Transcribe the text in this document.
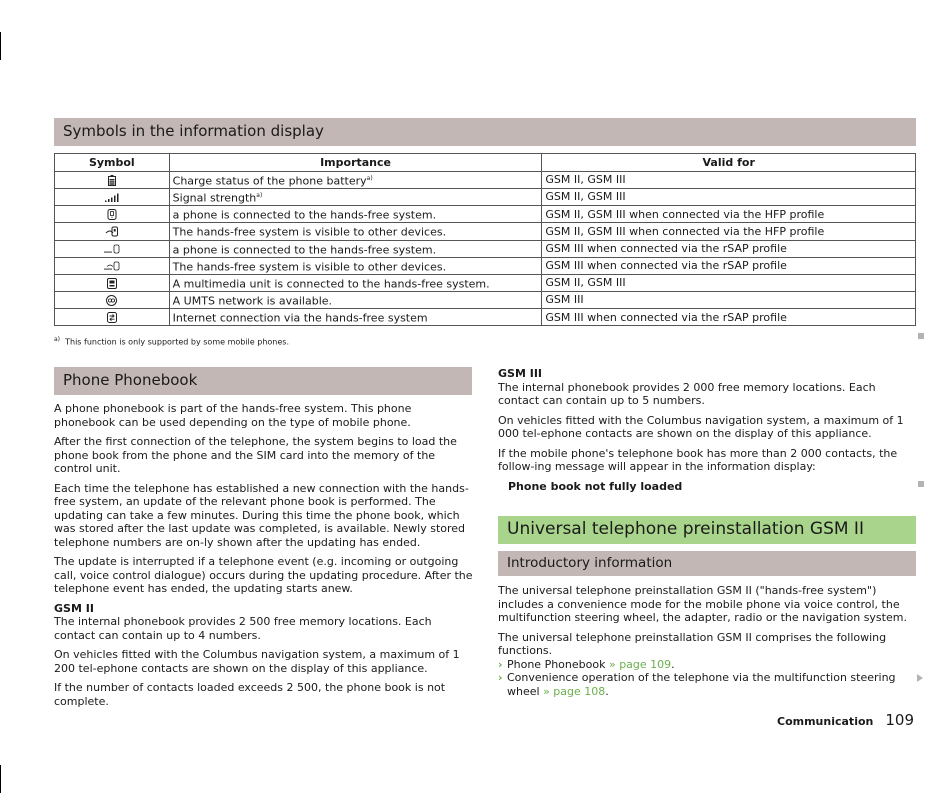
Symbols in the information display
Symbol	Importance	Valid for
	Charge status of the phone battery$^{a)}$	GSM II, GSM III
	Signal strength$^{a)}$	GSM II, GSM III
	a phone is connected to the hands-free system.	GSM II, GSM III when connected via the HFP profile
	The hands-free system is visible to other devices.	GSM II, GSM III when connected via the HFP profile
	a phone is connected to the hands-free system.	GSM III when connected via the rSAP profile
	The hands-free system is visible to other devices.	GSM III when connected via the rSAP profile
	A multimedia unit is connected to the hands-free system.	GSM II, GSM III
	A UMTS network is available.	GSM III
	Internet connection via the hands-free system	GSM III when connected via the rSAP profile
$^{a)}$ This function is only supported by some mobile phones.
Phone Phonebook

A phone phonebook is part of the hands-free system. This phone phonebook can be used depending on the type of mobile phone.

After the first connection of the telephone, the system begins to load the phone book from the phone and the SIM card into the memory of the control unit.

Each time the telephone has established a new connection with the hands-free system, an update of the relevant phone book is performed. The updating can take a few minutes. During this time the phone book, which was stored after the last update was completed, is available. Newly stored telephone numbers are on-ly shown after the updating has ended.

The update is interrupted if a telephone event (e.g. incoming or outgoing call, voice control dialogue) occurs during the updating procedure. After the telephone event has ended, the updating starts anew.

GSM II

The internal phonebook provides 2 500 free memory locations. Each contact can contain up to 4 numbers.

On vehicles fitted with the Columbus navigation system, a maximum of 1 200 tel-ephone contacts are shown on the display of this appliance.

If the number of contacts loaded exceeds 2 500, the phone book is not complete.

GSM III

The internal phonebook provides 2 000 free memory locations. Each contact can contain up to 5 numbers.

On vehicles fitted with the Columbus navigation system, a maximum of 1 000 tel-ephone contacts are shown on the display of this appliance.

If the mobile phone's telephone book has more than 2 000 contacts, the follow-ing message will appear in the information display:

Phone book not fully loaded

Universal telephone preinstallation GSM II
Introductory information

The universal telephone preinstallation GSM II ("hands-free system") includes a convenience mode for the mobile phone via voice control, the multifunction steering wheel, the adapter, radio or the navigation system.

The universal telephone preinstallation GSM II comprises the following functions.

› Phone Phonebook » page 109.
› Convenience operation of the telephone via the multifunction steering wheel » page 108.
Communication 109
